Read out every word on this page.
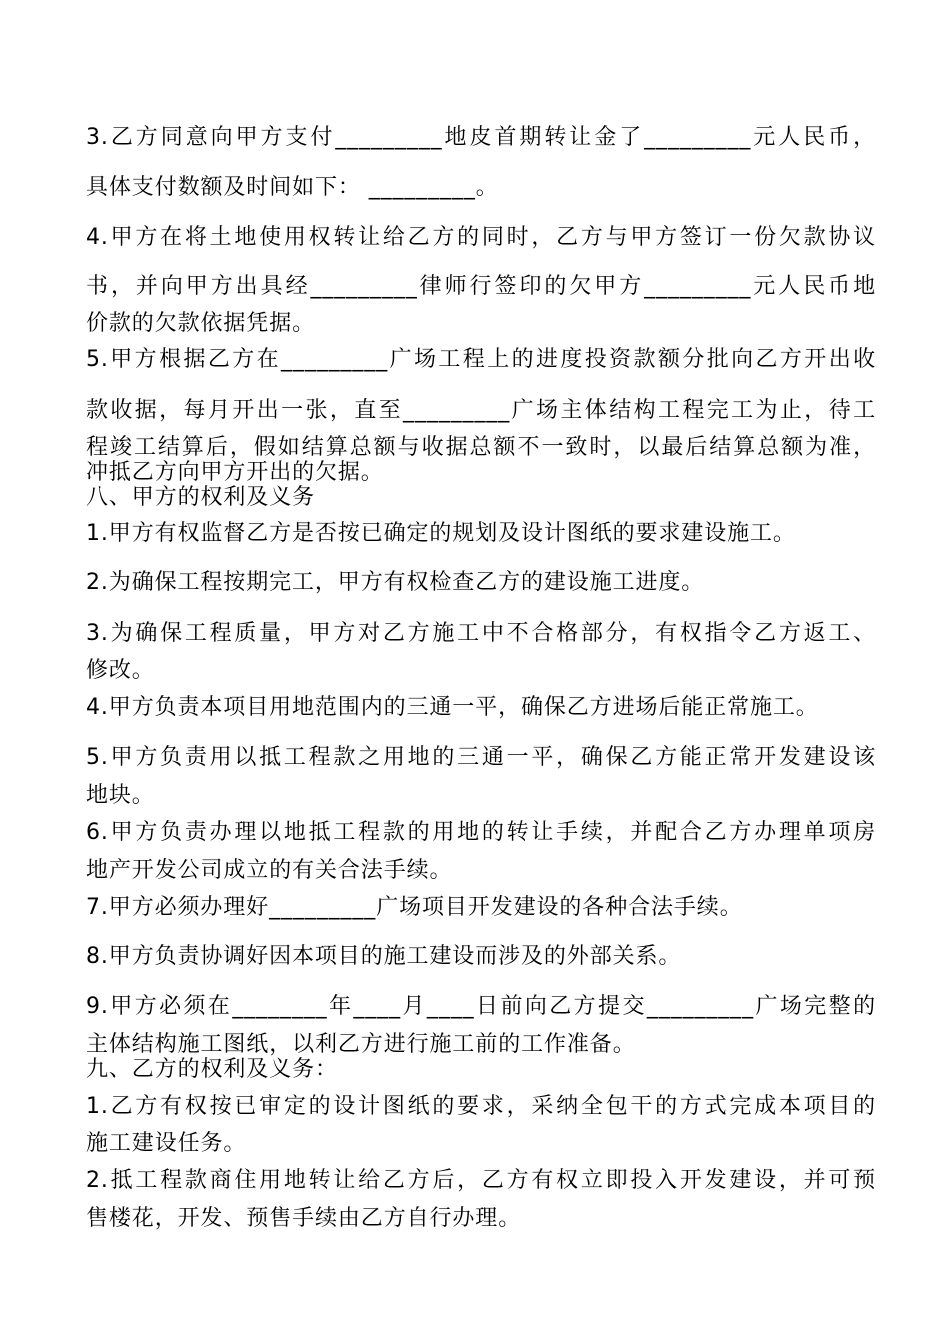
3.乙方同意向甲方支付_________地皮首期转让金了_________元人民币，
具体支付数额及时间如下： _________。
4.甲方在将土地使用权转让给乙方的同时，乙方与甲方签订一份欠款协议
书，并向甲方出具经_________律师行签印的欠甲方_________元人民币地
价款的欠款依据凭据。
5.甲方根据乙方在_________广场工程上的进度投资款额分批向乙方开出收
款收据，每月开出一张，直至_________广场主体结构工程完工为止，待工
程竣工结算后，假如结算总额与收据总额不一致时，以最后结算总额为准，
冲抵乙方向甲方开出的欠据。
八、甲方的权利及义务
1.甲方有权监督乙方是否按已确定的规划及设计图纸的要求建设施工。
2.为确保工程按期完工，甲方有权检查乙方的建设施工进度。
3.为确保工程质量，甲方对乙方施工中不合格部分，有权指令乙方返工、
修改。
4.甲方负责本项目用地范围内的三通一平，确保乙方进场后能正常施工。
5.甲方负责用以抵工程款之用地的三通一平，确保乙方能正常开发建设该
地块。
6.甲方负责办理以地抵工程款的用地的转让手续，并配合乙方办理单项房
地产开发公司成立的有关合法手续。
7.甲方必须办理好_________广场项目开发建设的各种合法手续。
8.甲方负责协调好因本项目的施工建设而涉及的外部关系。
9.甲方必须在________年____月____日前向乙方提交_________广场完整的
主体结构施工图纸，以利乙方进行施工前的工作准备。
九、乙方的权利及义务：
1.乙方有权按已审定的设计图纸的要求，采纳全包干的方式完成本项目的
施工建设任务。
2.抵工程款商住用地转让给乙方后，乙方有权立即投入开发建设，并可预
售楼花，开发、预售手续由乙方自行办理。
